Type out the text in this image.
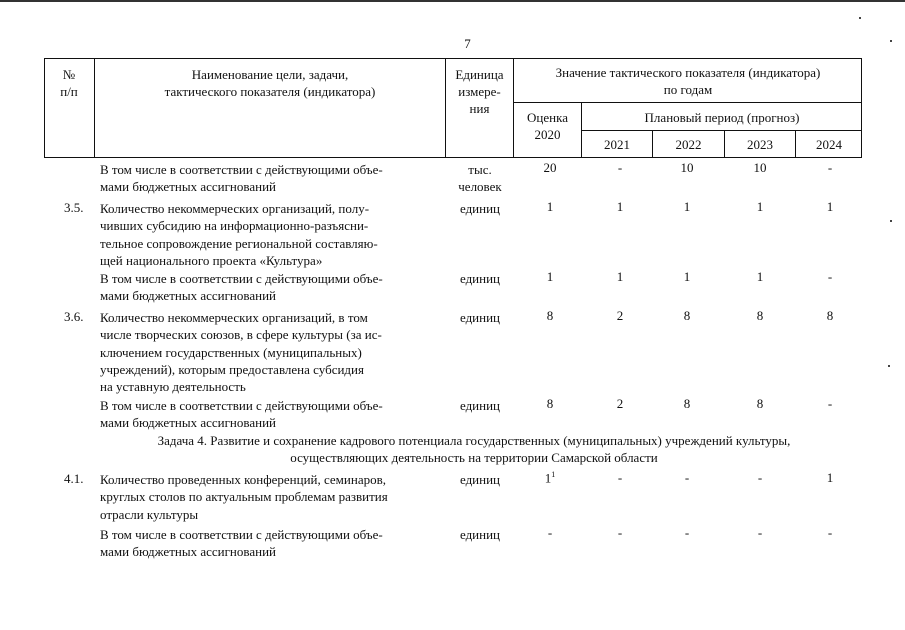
7
№
п/п
Наименование цели, задачи,
тактического показателя (индикатора)
Единица
измере-
ния
Значение тактического показателя (индикатора)
по годам
Оценка
2020
Плановый период (прогноз)
2021	2022	2023	2024
В том числе в соответствии с действующими объе-
мами бюджетных ассигнований
тыс.
человек
20	-	10	10	-
3.5. Количество некоммерческих организаций, полу-
чивших субсидию на информационно-разъясни-
тельное сопровождение региональной составляю-
щей национального проекта «Культура»
единиц	1	1	1	1	1
В том числе в соответствии с действующими объе-
мами бюджетных ассигнований
единиц	1	1	1	1	-
3.6. Количество некоммерческих организаций, в том
числе творческих союзов, в сфере культуры (за ис-
ключением государственных (муниципальных)
учреждений), которым предоставлена субсидия
на уставную деятельность
единиц	8	2	8	8	8
В том числе в соответствии с действующими объе-
мами бюджетных ассигнований
единиц	8	2	8	8	-
Задача 4. Развитие и сохранение кадрового потенциала государственных (муниципальных) учреждений культуры,
осуществляющих деятельность на территории Самарской области
4.1. Количество проведенных конференций, семинаров,
круглых столов по актуальным проблемам развития
отрасли культуры
единиц	$1^1$	-	-	-	1
В том числе в соответствии с действующими объе-
мами бюджетных ассигнований
единиц	-	-	-	-	-
